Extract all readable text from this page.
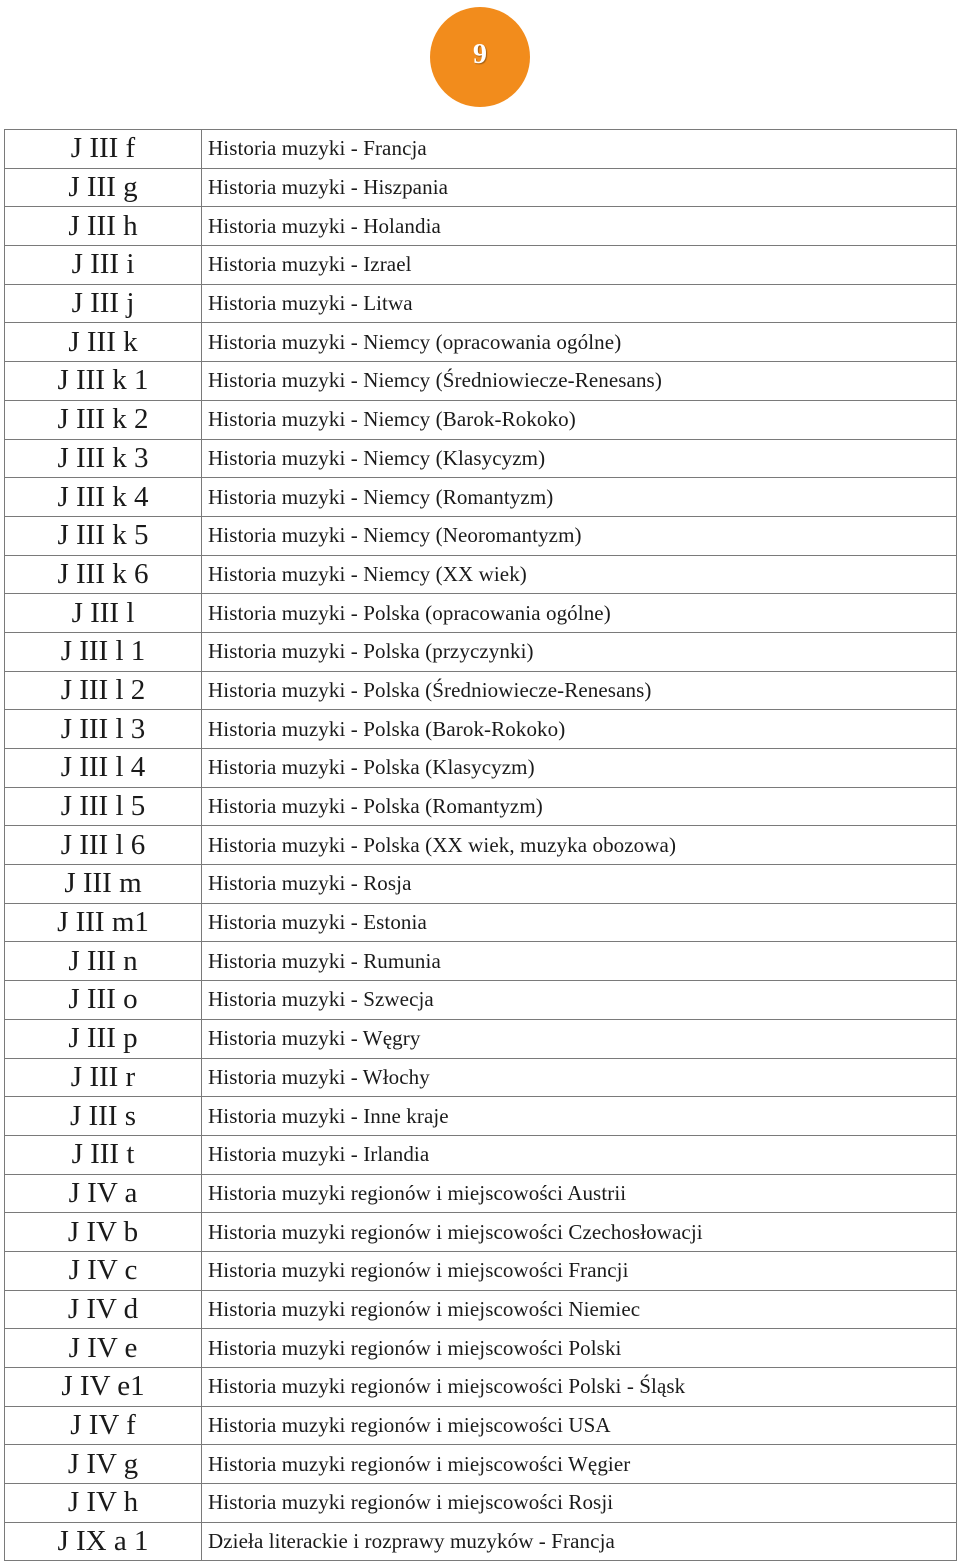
9
J III f	Historia muzyki - Francja
J III g	Historia muzyki - Hiszpania
J III h	Historia muzyki - Holandia
J III i	Historia muzyki - Izrael
J III j	Historia muzyki - Litwa
J III k	Historia muzyki - Niemcy (opracowania ogólne)
J III k 1	Historia muzyki - Niemcy (Średniowiecze-Renesans)
J III k 2	Historia muzyki - Niemcy (Barok-Rokoko)
J III k 3	Historia muzyki - Niemcy (Klasycyzm)
J III k 4	Historia muzyki - Niemcy (Romantyzm)
J III k 5	Historia muzyki - Niemcy (Neoromantyzm)
J III k 6	Historia muzyki - Niemcy (XX wiek)
J III l	Historia muzyki - Polska (opracowania ogólne)
J III l 1	Historia muzyki - Polska (przyczynki)
J III l 2	Historia muzyki - Polska (Średniowiecze-Renesans)
J III l 3	Historia muzyki - Polska (Barok-Rokoko)
J III l 4	Historia muzyki - Polska (Klasycyzm)
J III l 5	Historia muzyki - Polska (Romantyzm)
J III l 6	Historia muzyki - Polska (XX wiek, muzyka obozowa)
J III m	Historia muzyki - Rosja
J III m1	Historia muzyki - Estonia
J III n	Historia muzyki - Rumunia
J III o	Historia muzyki - Szwecja
J III p	Historia muzyki - Węgry
J III r	Historia muzyki - Włochy
J III s	Historia muzyki - Inne kraje
J III t	Historia muzyki - Irlandia
J IV a	Historia muzyki regionów i miejscowości Austrii
J IV b	Historia muzyki regionów i miejscowości Czechosłowacji
J IV c	Historia muzyki regionów i miejscowości Francji
J IV d	Historia muzyki regionów i miejscowości Niemiec
J IV e	Historia muzyki regionów i miejscowości Polski
J IV e1	Historia muzyki regionów i miejscowości Polski - Śląsk
J IV f	Historia muzyki regionów i miejscowości USA
J IV g	Historia muzyki regionów i miejscowości Węgier
J IV h	Historia muzyki regionów i miejscowości Rosji
J IX a 1	Dzieła literackie i rozprawy muzyków - Francja
